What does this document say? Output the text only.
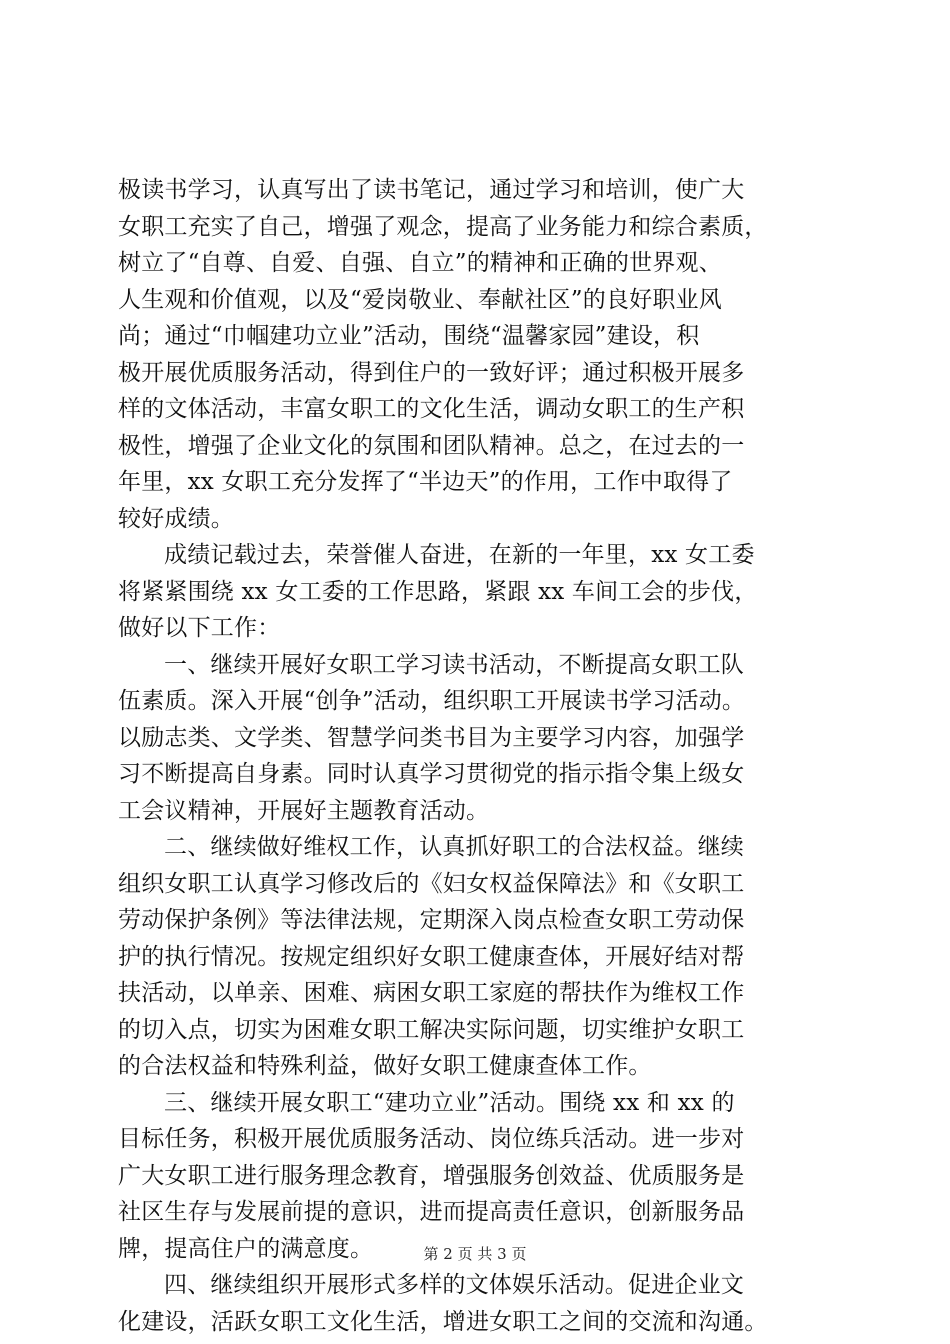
极读书学习，认真写出了读书笔记，通过学习和培训，使广大
女职工充实了自己，增强了观念，提高了业务能力和综合素质，
树立了“自尊、自爱、自强、自立”的精神和正确的世界观、
人生观和价值观，以及“爱岗敬业、奉献社区”的良好职业风
尚；通过“巾帼建功立业”活动，围绕“温馨家园”建设，积
极开展优质服务活动，得到住户的一致好评；通过积极开展多
样的文体活动，丰富女职工的文化生活，调动女职工的生产积
极性，增强了企业文化的氛围和团队精神。总之，在过去的一
年里，xx 女职工充分发挥了“半边天”的作用，工作中取得了
较好成绩。
成绩记载过去，荣誉催人奋进，在新的一年里，xx 女工委
将紧紧围绕 xx 女工委的工作思路，紧跟 xx 车间工会的步伐，
做好以下工作：
一、继续开展好女职工学习读书活动，不断提高女职工队
伍素质。深入开展“创争”活动，组织职工开展读书学习活动。
以励志类、文学类、智慧学问类书目为主要学习内容，加强学
习不断提高自身素。同时认真学习贯彻党的指示指令集上级女
工会议精神，开展好主题教育活动。
二、继续做好维权工作，认真抓好职工的合法权益。继续
组织女职工认真学习修改后的《妇女权益保障法》和《女职工
劳动保护条例》等法律法规，定期深入岗点检查女职工劳动保
护的执行情况。按规定组织好女职工健康查体，开展好结对帮
扶活动，以单亲、困难、病困女职工家庭的帮扶作为维权工作
的切入点，切实为困难女职工解决实际问题，切实维护女职工
的合法权益和特殊利益，做好女职工健康查体工作。
三、继续开展女职工“建功立业”活动。围绕 xx 和 xx 的
目标任务，积极开展优质服务活动、岗位练兵活动。进一步对
广大女职工进行服务理念教育，增强服务创效益、优质服务是
社区生存与发展前提的意识，进而提高责任意识，创新服务品
牌，提高住户的满意度。
四、继续组织开展形式多样的文体娱乐活动。促进企业文
化建设，活跃女职工文化生活，增进女职工之间的交流和沟通。
第 2 页 共 3 页
